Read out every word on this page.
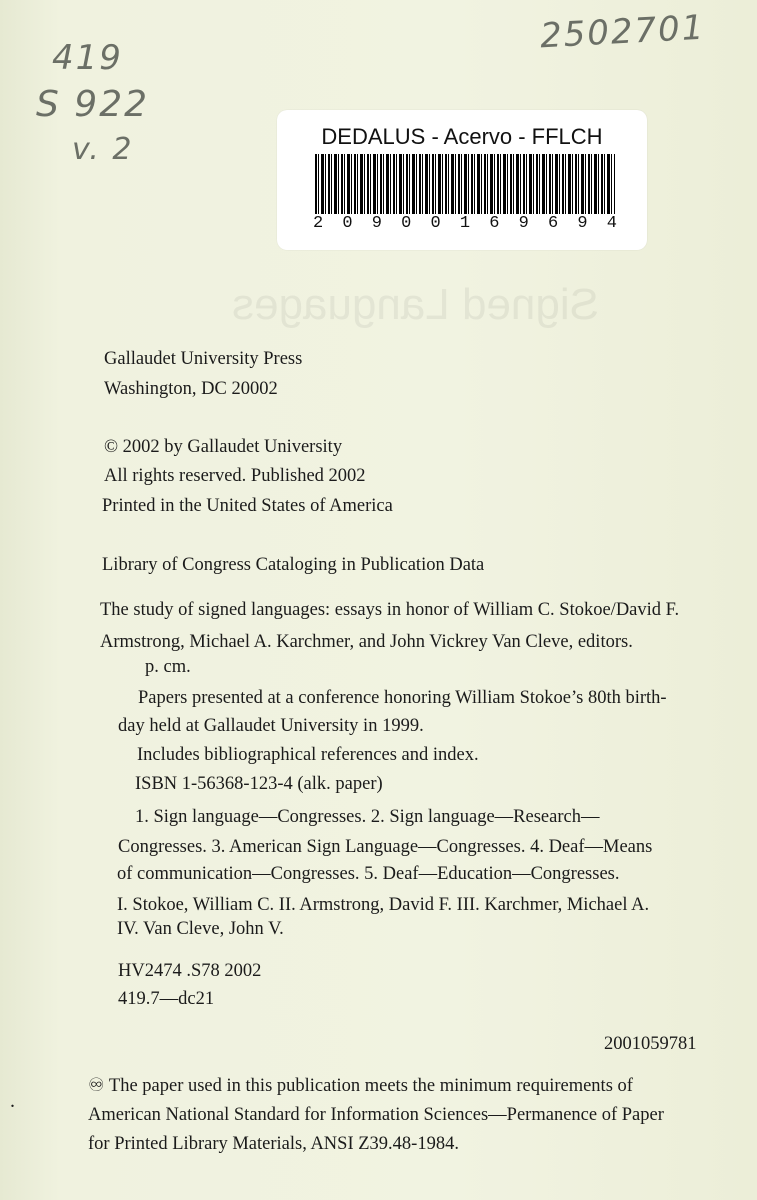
419
S 922
v. 2
2502701
DEDALUS - Acervo - FFLCH
2 0 9 0 0 1 6 9 6 9 4
Signed Languages
Gallaudet University Press
Washington, DC 20002
© 2002 by Gallaudet University
All rights reserved. Published 2002
Printed in the United States of America
Library of Congress Cataloging in Publication Data
The study of signed languages: essays in honor of William C. Stokoe/David F.
Armstrong, Michael A. Karchmer, and John Vickrey Van Cleve, editors.
p. cm.
Papers presented at a conference honoring William Stokoe’s 80th birth-
day held at Gallaudet University in 1999.
Includes bibliographical references and index.
ISBN 1-56368-123-4 (alk. paper)
1. Sign language—Congresses. 2. Sign language—Research—
Congresses. 3. American Sign Language—Congresses. 4. Deaf—Means
of communication—Congresses. 5. Deaf—Education—Congresses.
I. Stokoe, William C. II. Armstrong, David F. III. Karchmer, Michael A.
IV. Van Cleve, John V.
HV2474 .S78 2002
419.7—dc21
2001059781
♾ The paper used in this publication meets the minimum requirements of
American National Standard for Information Sciences—Permanence of Paper
for Printed Library Materials, ANSI Z39.48-1984.
.
